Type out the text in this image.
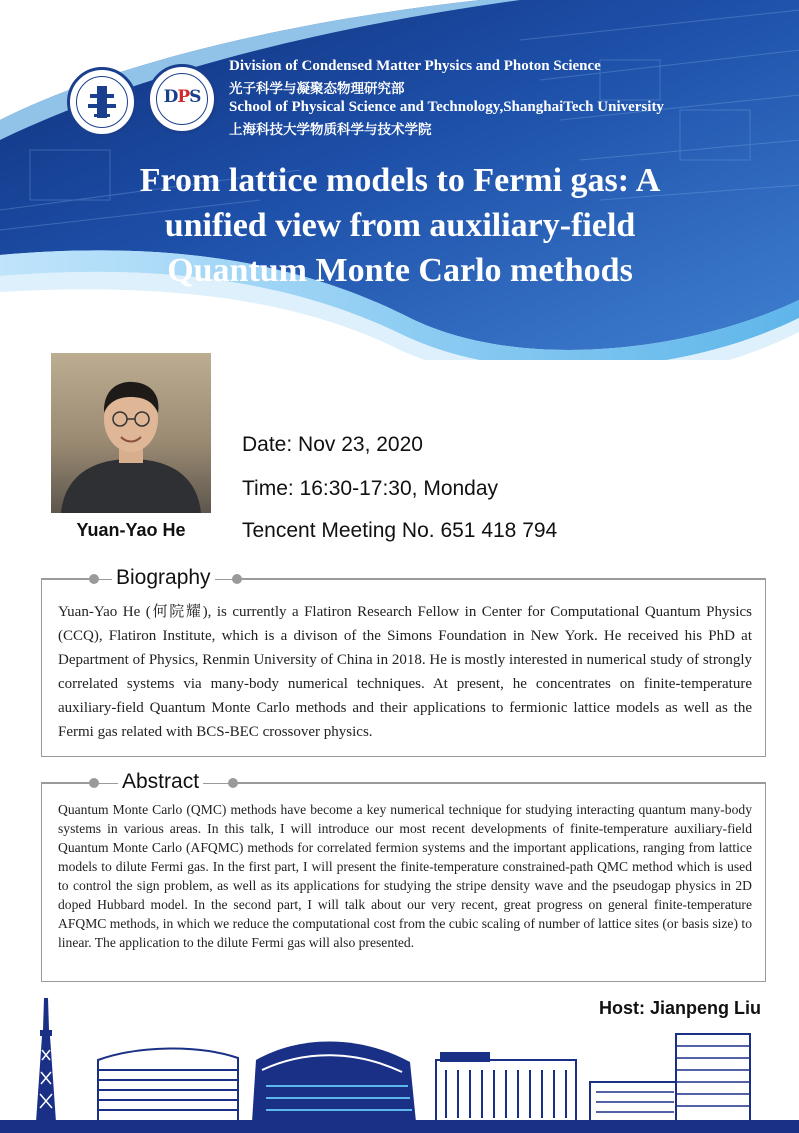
DPS
Division of Condensed Matter Physics and Photon Science
光子科学与凝聚态物理研究部
School of Physical Science and Technology,ShanghaiTech University
上海科技大学物质科学与技术学院
From lattice models to Fermi gas: A
unified view from auxiliary-field
Quantum Monte Carlo methods
Yuan-Yao He
Date: Nov 23, 2020
Time: 16:30-17:30, Monday
Tencent Meeting No. 651 418 794
Biography

Yuan-Yao He (何院耀), is currently a Flatiron Research Fellow in Center for Computational Quantum Physics (CCQ), Flatiron Institute, which is a divison of the Simons Foundation in New York. He received his PhD at Department of Physics, Renmin University of China in 2018. He is mostly interested in numerical study of strongly correlated systems via many-body numerical techniques. At present, he concentrates on finite-temperature auxiliary-field Quantum Monte Carlo methods and their applications to fermionic lattice models as well as the Fermi gas related with BCS-BEC crossover physics.

Abstract

Quantum Monte Carlo (QMC) methods have become a key numerical technique for studying interacting quantum many-body systems in various areas. In this talk, I will introduce our most recent developments of finite-temperature auxiliary-field Quantum Monte Carlo (AFQMC) methods for correlated fermion systems and the important applications, ranging from lattice models to dilute Fermi gas. In the first part, I will present the finite-temperature constrained-path QMC method which is used to control the sign problem, as well as its applications for studying the stripe density wave and the pseudogap physics in 2D doped Hubbard model. In the second part, I will talk about our very recent, great progress on general finite-temperature AFQMC methods, in which we reduce the computational cost from the cubic scaling of number of lattice sites (or basis size) to linear. The application to the dilute Fermi gas will also presented.

Host: Jianpeng Liu
